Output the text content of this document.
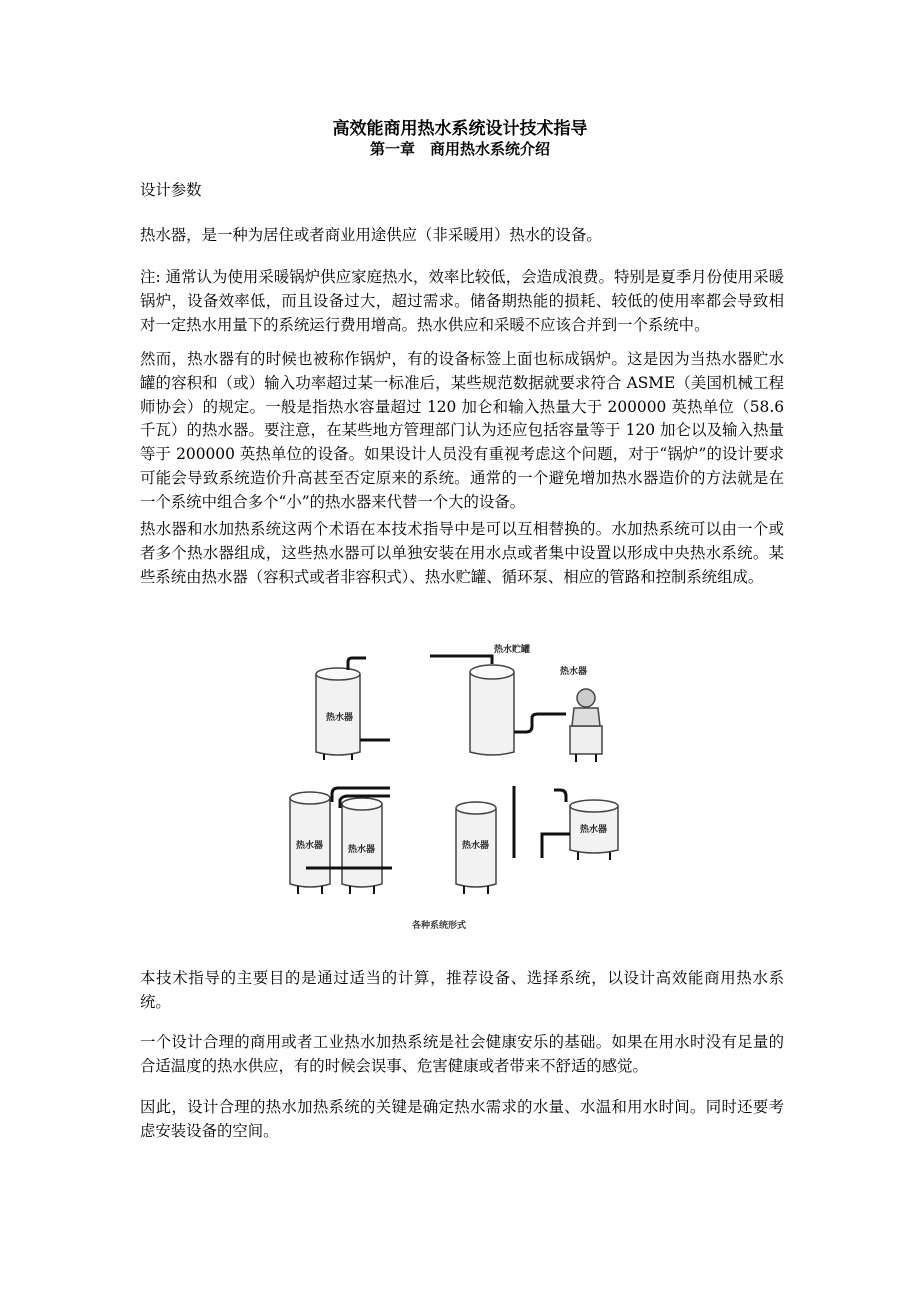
高效能商用热水系统设计技术指导
第一章　商用热水系统介绍

设计参数

热水器，是一种为居住或者商业用途供应（非采暖用）热水的设备。

注: 通常认为使用采暖锅炉供应家庭热水，效率比较低，会造成浪费。特别是夏季月份使用采暖锅炉，设备效率低，而且设备过大，超过需求。储备期热能的损耗、较低的使用率都会导致相对一定热水用量下的系统运行费用增高。热水供应和采暖不应该合并到一个系统中。

然而，热水器有的时候也被称作锅炉，有的设备标签上面也标成锅炉。这是因为当热水器贮水罐的容积和（或）输入功率超过某一标准后，某些规范数据就要求符合 ASME（美国机械工程师协会）的规定。一般是指热水容量超过 120 加仑和输入热量大于 200000 英热单位（58.6 千瓦）的热水器。要注意，在某些地方管理部门认为还应包括容量等于 120 加仑以及输入热量等于 200000 英热单位的设备。如果设计人员没有重视考虑这个问题，对于“锅炉”的设计要求可能会导致系统造价升高甚至否定原来的系统。通常的一个避免增加热水器造价的方法就是在一个系统中组合多个“小”的热水器来代替一个大的设备。

热水器和水加热系统这两个术语在本技术指导中是可以互相替换的。水加热系统可以由一个或者多个热水器组成，这些热水器可以单独安装在用水点或者集中设置以形成中央热水系统。某些系统由热水器（容积式或者非容积式）、热水贮罐、循环泵、相应的管路和控制系统组成。

热水器
热水贮罐
热水器
热水器	热水器	热水器
热水器
各种系统形式

本技术指导的主要目的是通过适当的计算，推荐设备、选择系统，以设计高效能商用热水系统。

一个设计合理的商用或者工业热水加热系统是社会健康安乐的基础。如果在用水时没有足量的合适温度的热水供应，有的时候会误事、危害健康或者带来不舒适的感觉。

因此，设计合理的热水加热系统的关键是确定热水需求的水量、水温和用水时间。同时还要考虑安装设备的空间。
